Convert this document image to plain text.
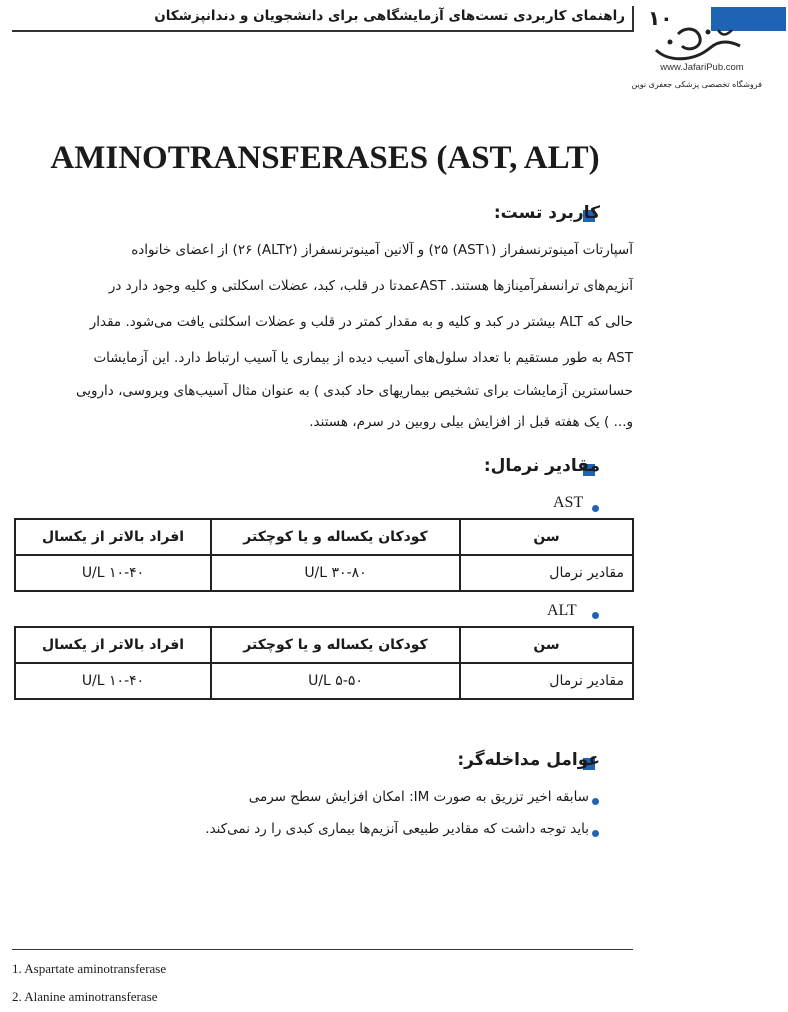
راهنمای کاربردی تست‌های آزمایشگاهی برای دانشجویان و دندانپزشکان ۱۰
www.JafariPub.com
فروشگاه تخصصی پزشکی جعفری نوین
AMINOTRANSFERASES (AST, ALT)
کاربرد تست:
آسپارتات آمینوترنسفراز (AST۱) ۲۵) و آلانین آمینوترنسفراز (ALT۲) ۲۶) از اعضای خانواده
آنزیم‌های ترانسفرآمینازها هستند. ASTعمدتا در قلب، کبد، عضلات اسکلتی و کلیه وجود دارد در
حالی که ALT بیشتر در کبد و کلیه و به مقدار کمتر در قلب و عضلات اسکلتی یافت می‌شود. مقدار
AST به طور مستقیم با تعداد سلول‌های آسیب دیده از بیماری یا آسیب ارتباط دارد. این آزمایشات
حساسترین آزمایشات برای تشخیص بیماریهای حاد کبدی ) به عنوان مثال آسیب‌های ویروسی، دارویی
و... ) یک هفته قبل از افزایش بیلی روبین در سرم، هستند.
مقادیر نرمال:
AST
افراد بالاتر از یکسال	کودکان یکساله و یا کوچکتر	سن
۱۰-۴۰ U/L	۳۰-۸۰ U/L	مقادیر نرمال
ALT
افراد بالاتر از یکسال	کودکان یکساله و یا کوچکتر	سن
۱۰-۴۰ U/L	۵-۵۰ U/L	مقادیر نرمال
عوامل مداخله‌گر:
سابقه اخیر تزریق به صورت IM: امکان افزایش سطح سرمی
باید توجه داشت که مقادیر طبیعی آنزیم‌ها بیماری کبدی را رد نمی‌کند.
1. Aspartate aminotransferase
2. Alanine aminotransferase
